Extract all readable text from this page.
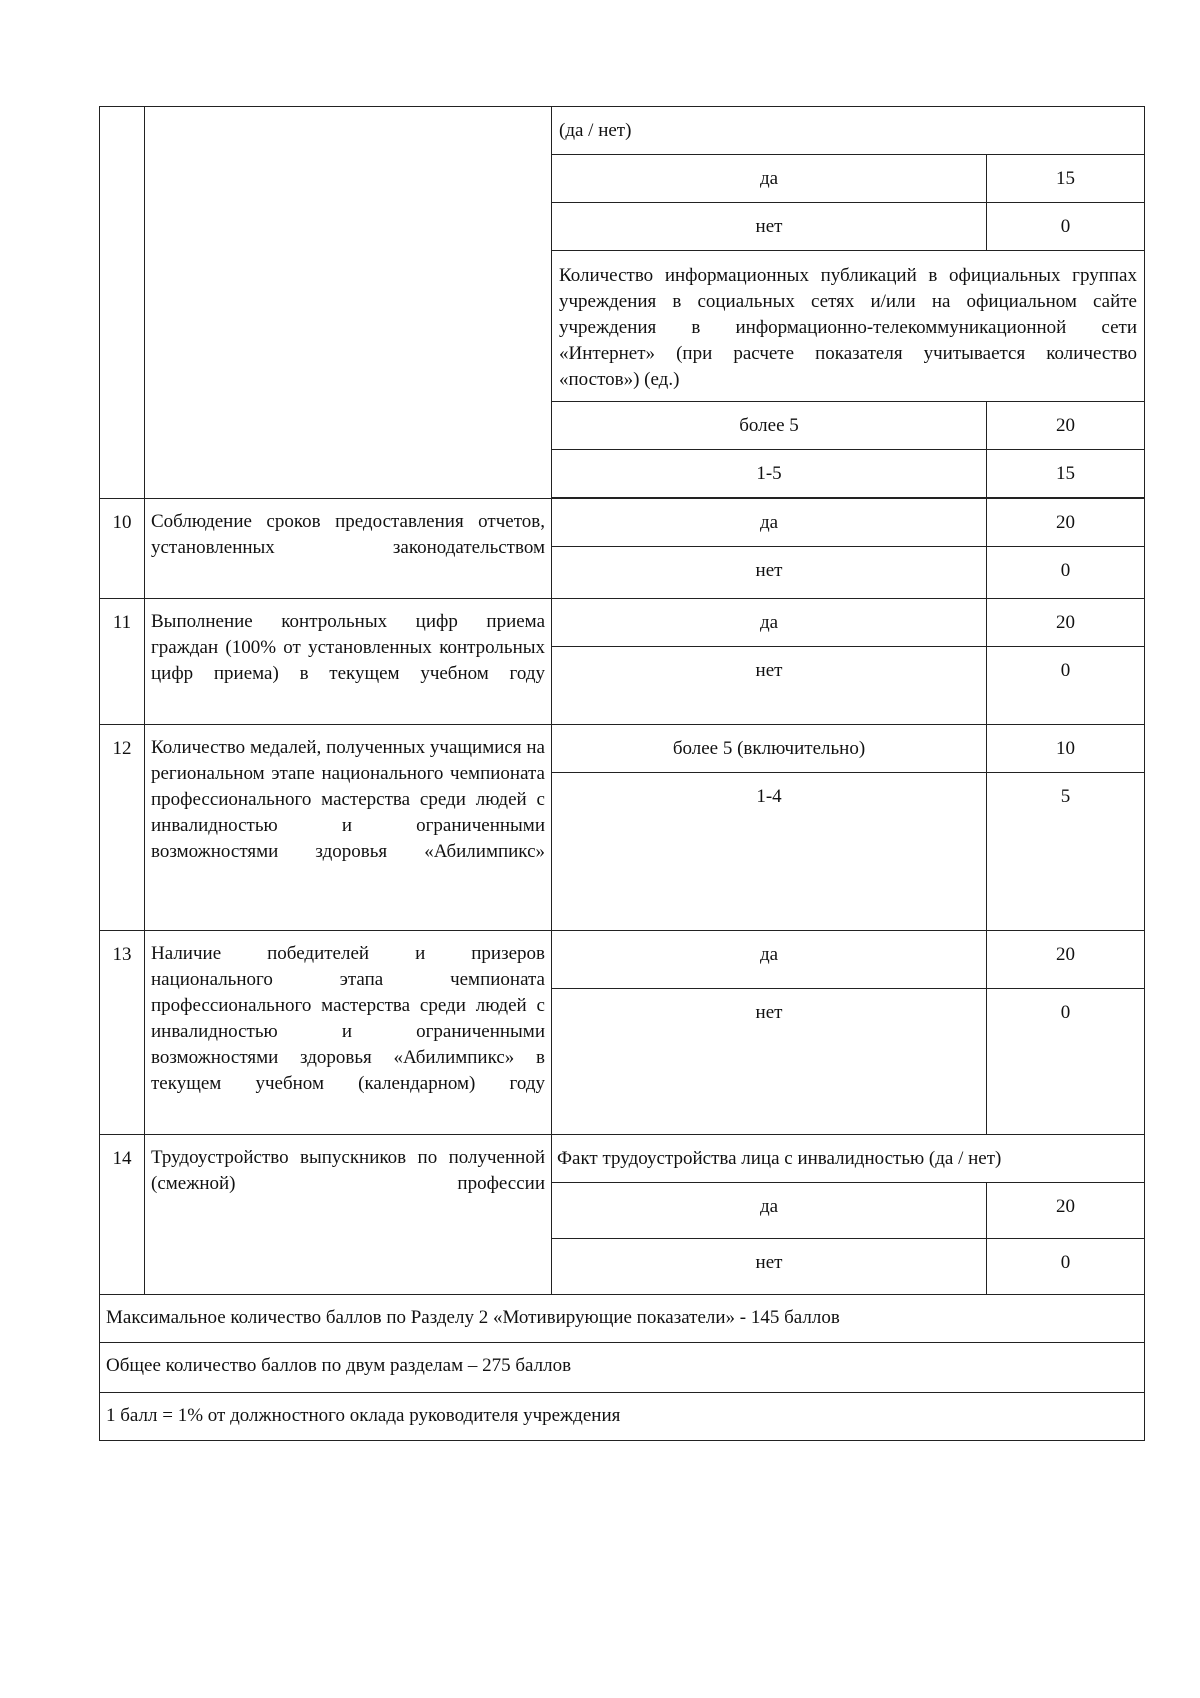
		(да / нет)	
		да	15
		нет	0
		Количество информационных публикаций в официальных группах учреждения в социальных сетях и/или на официальном сайте учреждения в информационно-телекоммуникационной сети «Интернет» (при расчете показателя учитывается количество «постов») (ед.)	
		более 5	20
		1-5	15

10	Соблюдение сроков предоставления отчетов, установленных законодательством	да	20
		нет	0
11	Выполнение контрольных цифр приема граждан (100% от установленных контрольных цифр приема) в текущем учебном году	да	20
		нет	0
12	Количество медалей, полученных учащимися на региональном этапе национального чемпионата профессионального мастерства среди людей с инвалидностью и ограниченными возможностями здоровья «Абилимпикс»	более 5 (включительно)	10
		1-4	5
13	Наличие победителей и призеров национального этапа чемпионата профессионального мастерства среди людей с инвалидностью и ограниченными возможностями здоровья «Абилимпикс» в текущем учебном (календарном) году	да	20
		нет	0
14	Трудоустройство выпускников по полученной (смежной) профессии	Факт трудоустройства лица с инвалидностью (да / нет)	
		да	20
		нет	0
Максимальное количество баллов по Разделу 2 «Мотивирующие показатели» - 145 баллов			
Общее количество баллов по двум разделам – 275 баллов			
1 балл = 1% от должностного оклада руководителя учреждения			
